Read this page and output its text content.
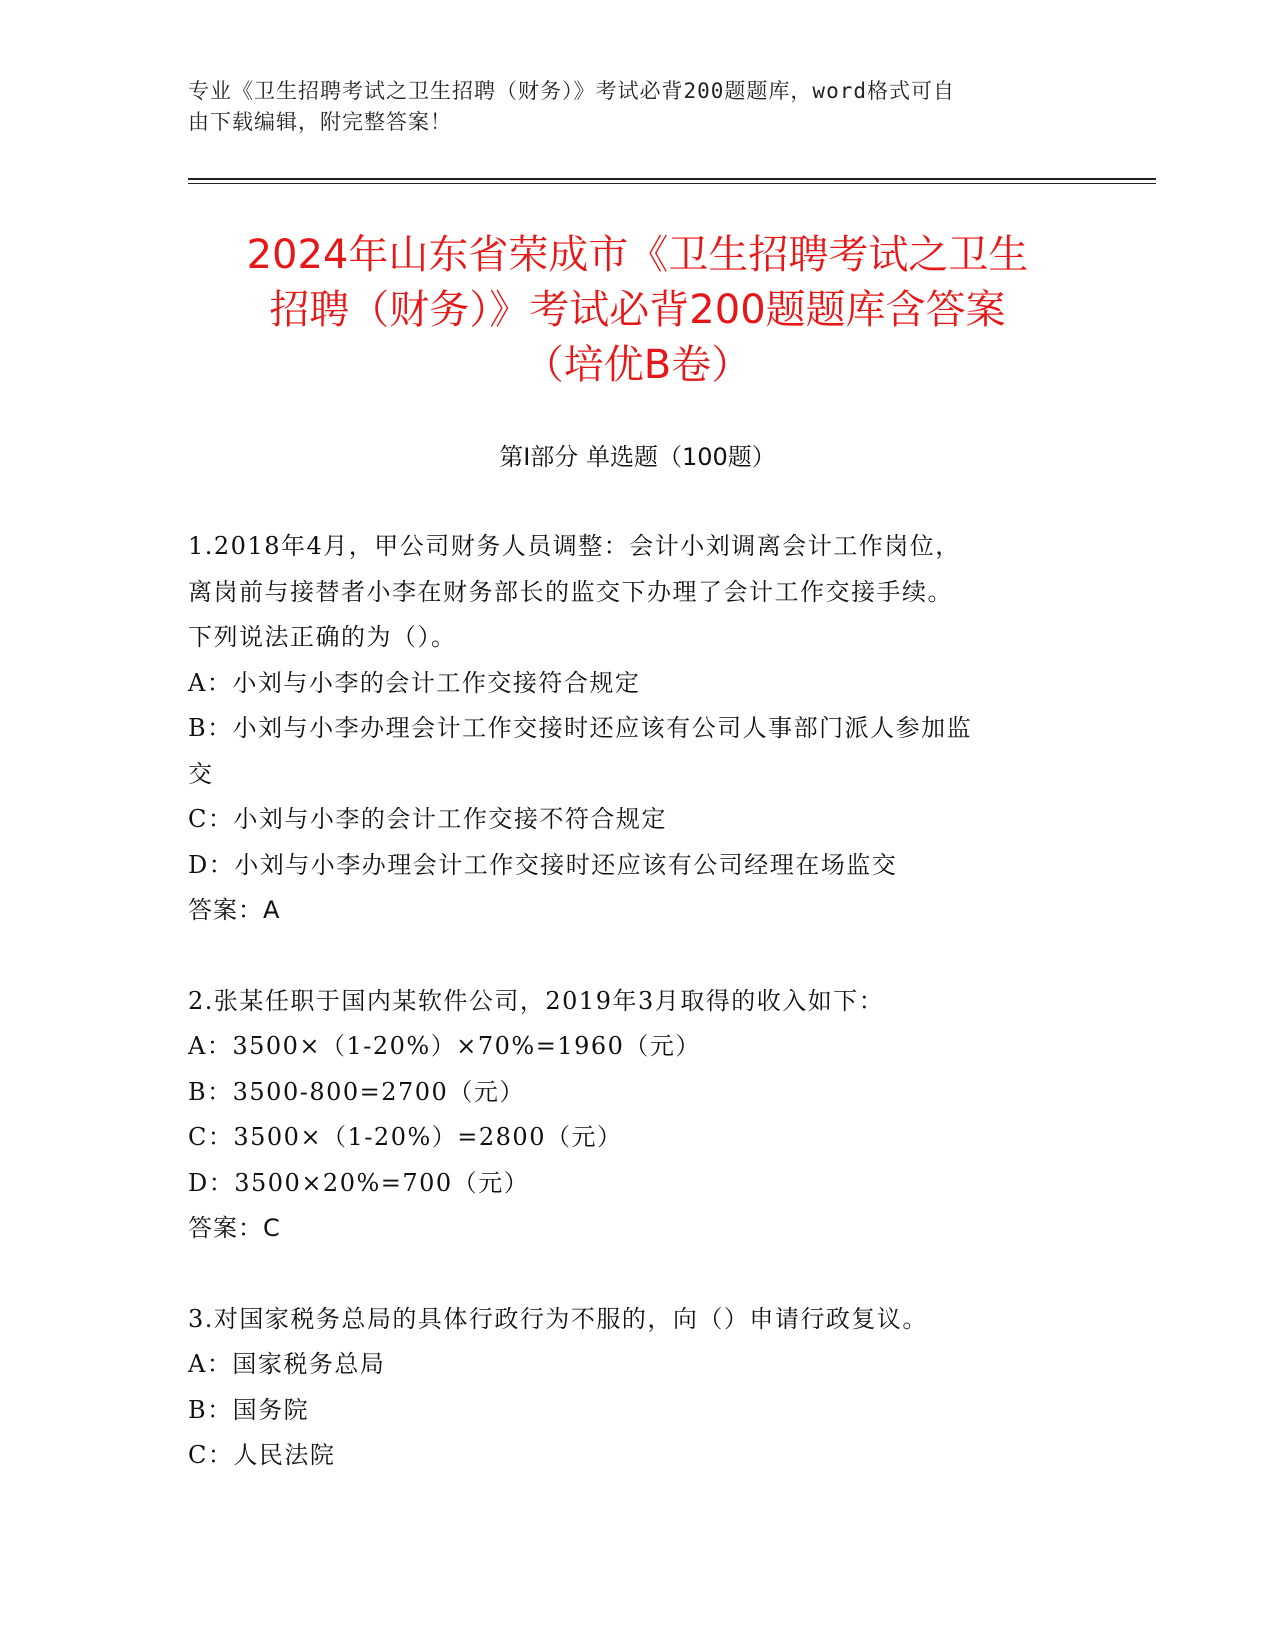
专业《卫生招聘考试之卫生招聘（财务）》考试必背200题题库，word格式可自
由下载编辑，附完整答案！
2024年山东省荣成市《卫生招聘考试之卫生
招聘（财务）》考试必背200题题库含答案
（培优B卷）
第Ⅰ部分 单选题（100题）

1.2018年4月，甲公司财务人员调整：会计小刘调离会计工作岗位，

离岗前与接替者小李在财务部长的监交下办理了会计工作交接手续。

下列说法正确的为（）。

A：小刘与小李的会计工作交接符合规定

B：小刘与小李办理会计工作交接时还应该有公司人事部门派人参加监

交

C：小刘与小李的会计工作交接不符合规定

D：小刘与小李办理会计工作交接时还应该有公司经理在场监交

答案：A

2.张某任职于国内某软件公司，2019年3月取得的收入如下：

A：3500×（1-20%）×70%=1960（元）

B：3500-800=2700（元）

C：3500×（1-20%）=2800（元）

D：3500×20%=700（元）

答案：C

3.对国家税务总局的具体行政行为不服的，向（）申请行政复议。

A：国家税务总局

B：国务院

C：人民法院
